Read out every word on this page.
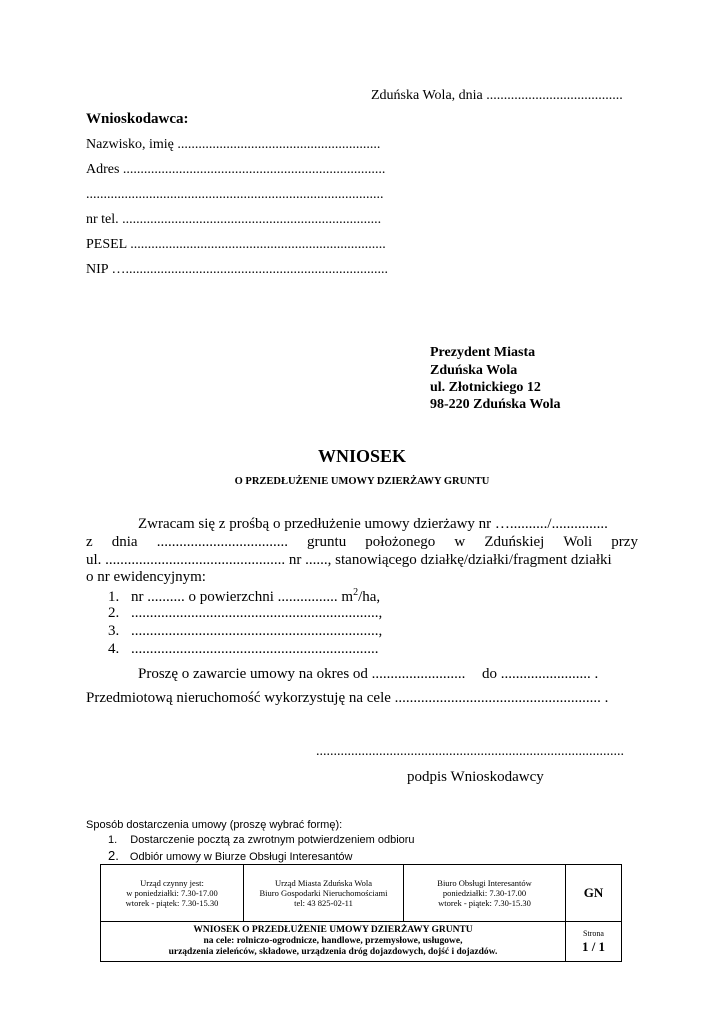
Zduńska Wola, dnia .......................................
Wnioskodawca:
Nazwisko, imię ..........................................................
Adres ...........................................................................
.....................................................................................
nr tel. ..........................................................................
PESEL .........................................................................
NIP …...........................................................................
Prezydent Miasta
Zduńska Wola
ul. Złotnickiego 12
98-220 Zduńska Wola
WNIOSEK
O PRZEDŁUŻENIE UMOWY DZIERŻAWY GRUNTU
Zwracam się z prośbą o przedłużenie umowy dzierżawy nr …........../...............
z dnia ................................... gruntu położonego w Zduńskiej Woli przy
ul. ................................................ nr ......, stanowiącego działkę/działki/fragment działki
o nr ewidencyjnym:
1. nr .......... o powierzchni ................ $m^2/ha$,
2. ..................................................................,
3. ..................................................................,
4. ..................................................................
Proszę o zawarcie umowy na okres od ......................... do ........................ .
Przedmiotową nieruchomość wykorzystuję na cele ....................................................... .
........................................................................................
podpis Wnioskodawcy
Sposób dostarczenia umowy (proszę wybrać formę):
1. Dostarczenie pocztą za zwrotnym potwierdzeniem odbioru
2. Odbiór umowy w Biurze Obsługi Interesantów
Urząd czynny jest:
w poniedziałki: 7.30-17.00
wtorek - piątek: 7.30-15.30
Urząd Miasta Zduńska Wola
Biuro Gospodarki Nieruchomościami
tel: 43 825-02-11
Biuro Obsługi Interesantów
poniedziałki: 7.30-17.00
wtorek - piątek: 7.30-15.30
GN
WNIOSEK O PRZEDŁUŻENIE UMOWY DZIERŻAWY GRUNTU
na cele: rolniczo-ogrodnicze, handlowe, przemysłowe, usługowe,
urządzenia zieleńców, składowe, urządzenia dróg dojazdowych, dojść i dojazdów.
Strona
1 / 1
